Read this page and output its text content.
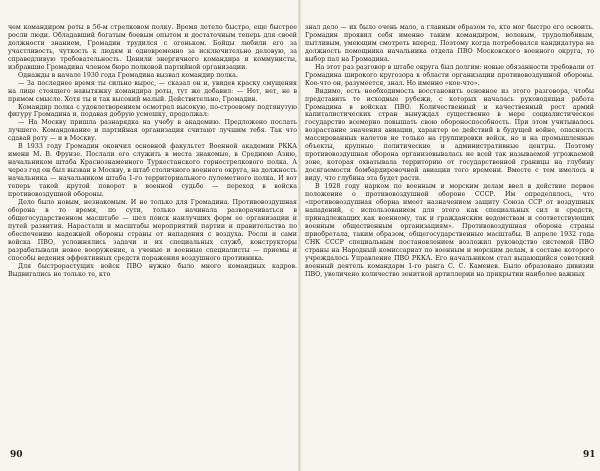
чем командиром роты в 56-м стрелковом полку. Время летело быстро, еще быстрее росли люди. Обладавший богатым боевым опытом и достаточным теперь для своей должности знанием, Громадин трудился с огоньком. Бойцы любили его за участливость, чуткость к людям и одновременно за исключительно деловую, за справедливую требовательность. Ценили энергичного командира и коммунисты, избравшие Громадина членом бюро полковой партийной организации.

Однажды в начале 1930 года Громадина вызвал командир полка.

— За последнее время ты сильно вырос, — сказал он и, увидев краску смущения на лице стоящего навытяжку командира роты, тут же добавил: — Нет, нет, не в прямом смысле. Хотя ты и так высокий малый. Действительно, Громадин.

Командир полка с удовлетворением осмотрел высокую, по-строевому подтянутую фигуру Громадина и, подавая добрую усмешку, продолжал:

— На Москву пришла разнарядка на учебу в академию. Предложено послать лучшего. Командование и партийная организация считают лучшим тебя. Так что сдавай роту — и в Москву.

В 1933 году Громадин окончил основной факультет Военной академии РККА имени М. В. Фрунзе. Послали его служить в места знакомые, в Среднюю Азию, начальником штаба Краснознаменного Туркестанского горнострелкового полка. А через год он был вызван в Москву, в штаб столичного военного округа, на должность начальника — начальником штаба 1-го территориального пулеметного полка. И вот теперь такой крутой поворот в военной судьбе — переход в войска противовоздушной обороны.

Дело было новым, незнакомым. И не только для Громадина. Противовоздушная оборона в то время, по сути, только начинала разворачиваться в общегосударственном масштабе — шел поиск наилучших форм ее организации и путей развития. Нарастали и масштабы мероприятий партии и правительства по обеспечению надежной обороны страны от нападения с воздуха. Росли и сами войска ПВО, усложнялись задачи и их специальных служб, конструкторы разрабатывали новое вооружение, а ученые и военные специалисты — приемы и способы ведения эффективных средств поражения воздушного противника.

Для быстрорастущих войск ПВО нужно было много командных кадров. Выдвигались не только те, кто

знал дело — их было очень мало, а главным образом те, кто мог быстро его освоить. Громадин проявил себя именно таким командиром, волевым, трудолюбивым, пытливым, умеющим смотреть вперед. Поэтому когда потребовался кандидатура на должность помощника начальника отдела ПВО Московского военного округа, то выбор пал на Громадина.

На этот раз разговор в штабе округа был долгим: новые обязанности требовали от Громадина широкого кругозора в области организации противовоздушной обороны. Кое-что он, разумеется, знал. Но именно «кое-что».

Видимо, есть необходимость восстановить основное из этого разговора, чтобы представить те исходные рубежи, с которых началась руководящая работа Громадина в войсках ПВО. Количественный и качественный рост армий капиталистических стран вынуждал существенно в мере социалистическое государство всемерно повышать свою обороноспособность. При этом учитывалось возрастание значения авиации, характер ее действий в будущей войне, опасность массированных налетов не только на группировки войск, но и на промышленные объекты, крупные политические и административные центры. Поэтому противовоздушная оборона организовывалась не всей так называемой угрожаемой зоне, которая охватывала территорию от государственной границы на глубину досягаемости бомбардировочной авиации того времени. Вместе с тем имелось в виду, что глубина эта будет расти.

В 1928 году нарком по военным и морским делам ввел в действие первое положение о противовоздушной обороне СССР. Им определялось, что «противовоздушная оборна имеет назначением защиту Союза ССР от воздушных нападений, с использованием для этого как специальных сил и средств, принадлежащих как военному, так и гражданским ведомствам и соответствующих военным общественным организациям». Противовоздушная оборона страны приобретала, таким образом, общегосударственные масштабы. В апреле 1932 года СНК СССР специальным постановлением возложил руководство системой ПВО страны на Народный комиссариат по военным и морским делам, в составе которого учреждалось Управление ПВО РККА. Его начальником стал выдающийся советский военный деятель командарм 1-го ранга С. С. Каменев. Было образовано дивизии ПВО, увеличено количество зенитной артиллерии на прикрытии наиболее важных

90	91
